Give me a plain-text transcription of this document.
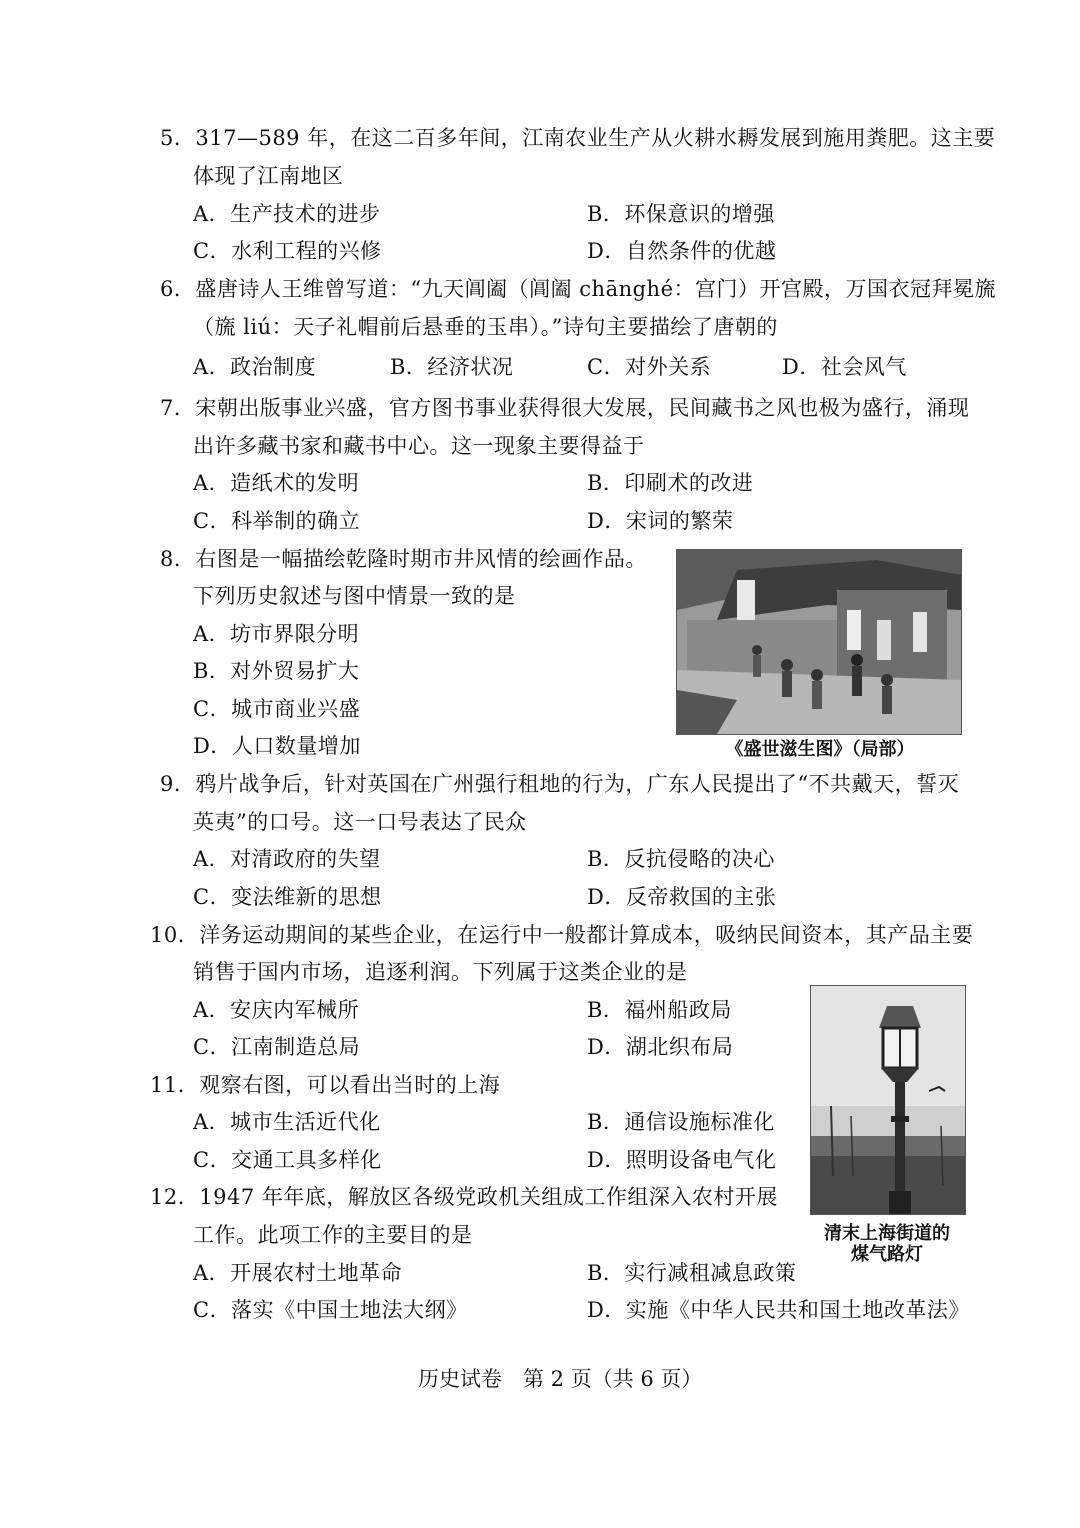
5．317—589 年，在这二百多年间，江南农业生产从火耕水耨发展到施用粪肥。这主要
体现了江南地区
A．生产技术的进步	B．环保意识的增强
C．水利工程的兴修	D．自然条件的优越
6．盛唐诗人王维曾写道：“九天阊阖（阊阖 chānghé：宫门）开宫殿，万国衣冠拜冕旒
（旒 liú：天子礼帽前后悬垂的玉串）。”诗句主要描绘了唐朝的
A．政治制度	B．经济状况	C．对外关系	D．社会风气
7．宋朝出版事业兴盛，官方图书事业获得很大发展，民间藏书之风也极为盛行，涌现
出许多藏书家和藏书中心。这一现象主要得益于
A．造纸术的发明	B．印刷术的改进
C．科举制的确立	D．宋词的繁荣
8．右图是一幅描绘乾隆时期市井风情的绘画作品。
下列历史叙述与图中情景一致的是
A．坊市界限分明
B．对外贸易扩大
C．城市商业兴盛
D．人口数量增加	《盛世滋生图》（局部）
9．鸦片战争后，针对英国在广州强行租地的行为，广东人民提出了“不共戴天，誓灭
英夷”的口号。这一口号表达了民众
A．对清政府的失望	B．反抗侵略的决心
C．变法维新的思想	D．反帝救国的主张
10．洋务运动期间的某些企业，在运行中一般都计算成本，吸纳民间资本，其产品主要
销售于国内市场，追逐利润。下列属于这类企业的是
A．安庆内军械所	B．福州船政局
C．江南制造总局	D．湖北织布局
清末上海街道的
煤气路灯
11．观察右图，可以看出当时的上海
A．城市生活近代化	B．通信设施标准化
C．交通工具多样化	D．照明设备电气化
12．1947 年年底，解放区各级党政机关组成工作组深入农村开展
工作。此项工作的主要目的是
A．开展农村土地革命	B．实行减租减息政策
C．落实《中国土地法大纲》	D．实施《中华人民共和国土地改革法》
历史试卷　第 2 页（共 6 页）
